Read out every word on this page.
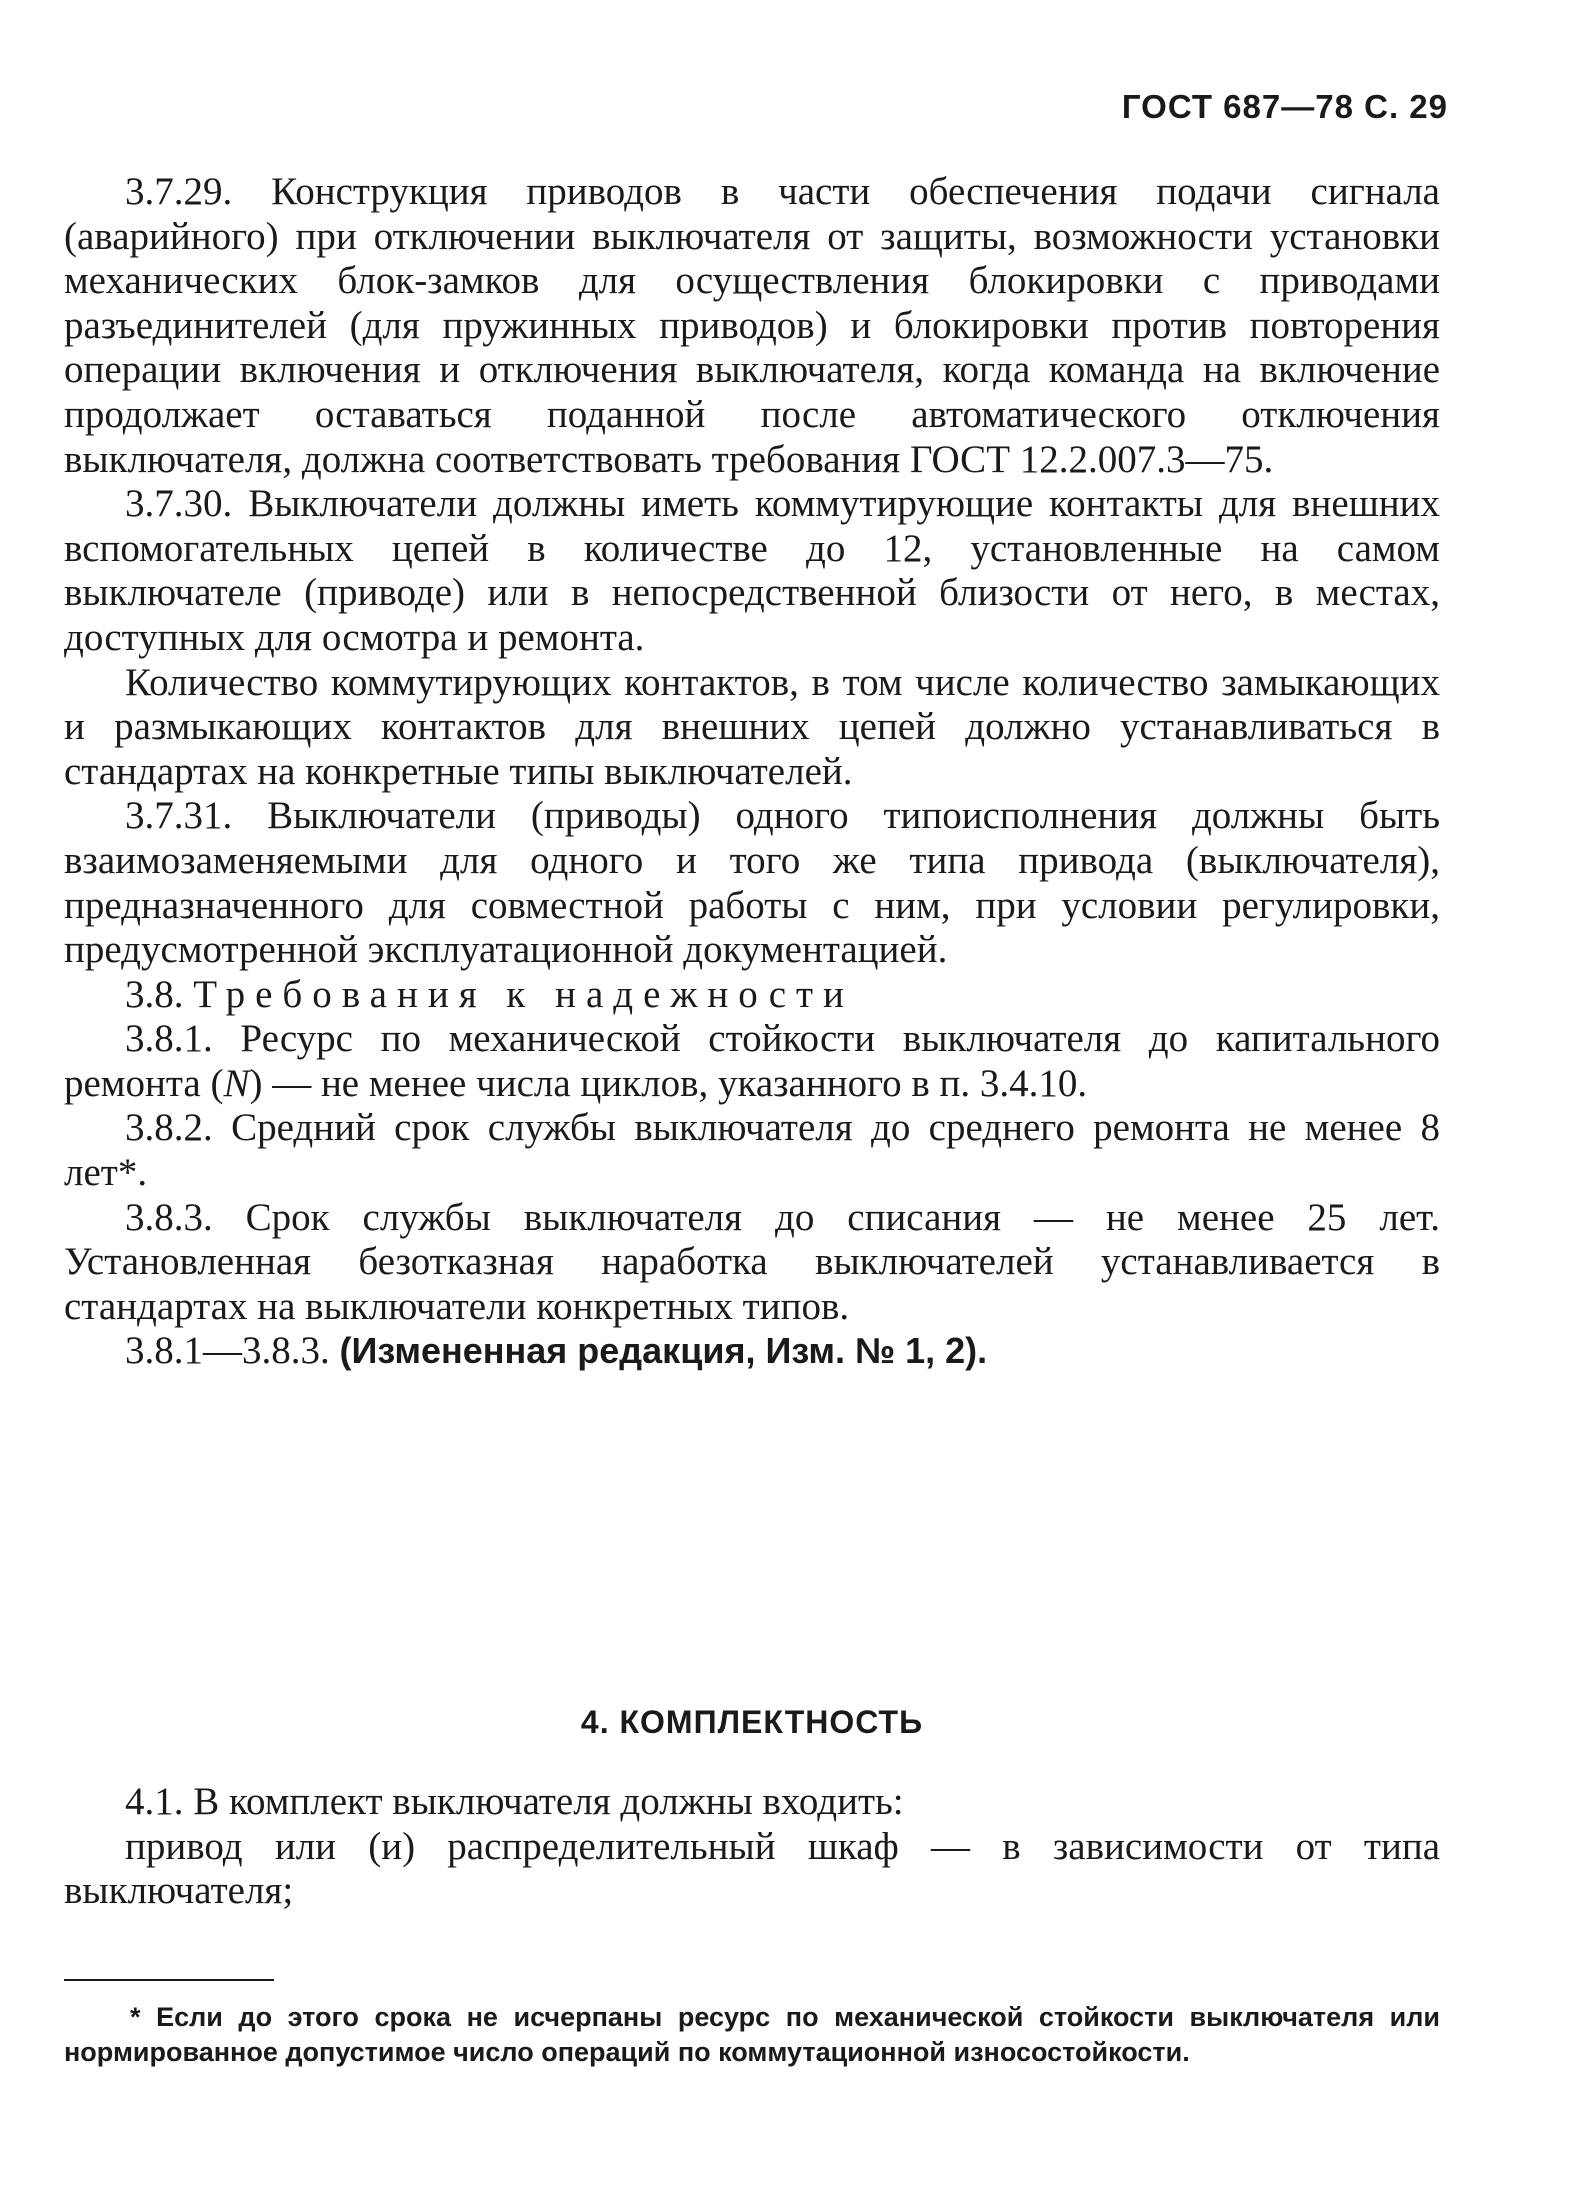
ГОСТ 687—78 С. 29

3.7.29. Конструкция приводов в части обеспечения подачи сигнала (аварийного) при отключении выключателя от защиты, возможности установки механических блок-замков для осуществления блокировки с приводами разъединителей (для пружинных приводов) и блокировки против повторения операции включения и отключения выключателя, когда команда на включение продолжает оставаться поданной после автоматического отключения выключателя, должна соответствовать требования ГОСТ 12.2.007.3—75.

3.7.30. Выключатели должны иметь коммутирующие контакты для внешних вспомогательных цепей в количестве до 12, установленные на самом выключателе (приводе) или в непосредственной близости от него, в местах, доступных для осмотра и ремонта.

Количество коммутирующих контактов, в том числе количество замыкающих и размыкающих контактов для внешних цепей должно устанавливаться в стандартах на конкретные типы выключателей.

3.7.31. Выключатели (приводы) одного типоисполнения должны быть взаимозаменяемыми для одного и того же типа привода (выключателя), предназначенного для совместной работы с ним, при условии регулировки, предусмотренной эксплуатационной документацией.

3.8. Требования к надежности

3.8.1. Ресурс по механической стойкости выключателя до капитального ремонта (N) — не менее числа циклов, указанного в п. 3.4.10.

3.8.2. Средний срок службы выключателя до среднего ремонта не менее 8 лет*.

3.8.3. Срок службы выключателя до списания — не менее 25 лет. Установленная безотказная наработка выключателей устанавливается в стандартах на выключатели конкретных типов.

3.8.1—3.8.3. (Измененная редакция, Изм. № 1, 2).

4. КОМПЛЕКТНОСТЬ

4.1. В комплект выключателя должны входить:

привод или (и) распределительный шкаф — в зависимости от типа выключателя;

* Если до этого срока не исчерпаны ресурс по механической стойкости выключателя или нормированное допустимое число операций по коммутационной износостойкости.
